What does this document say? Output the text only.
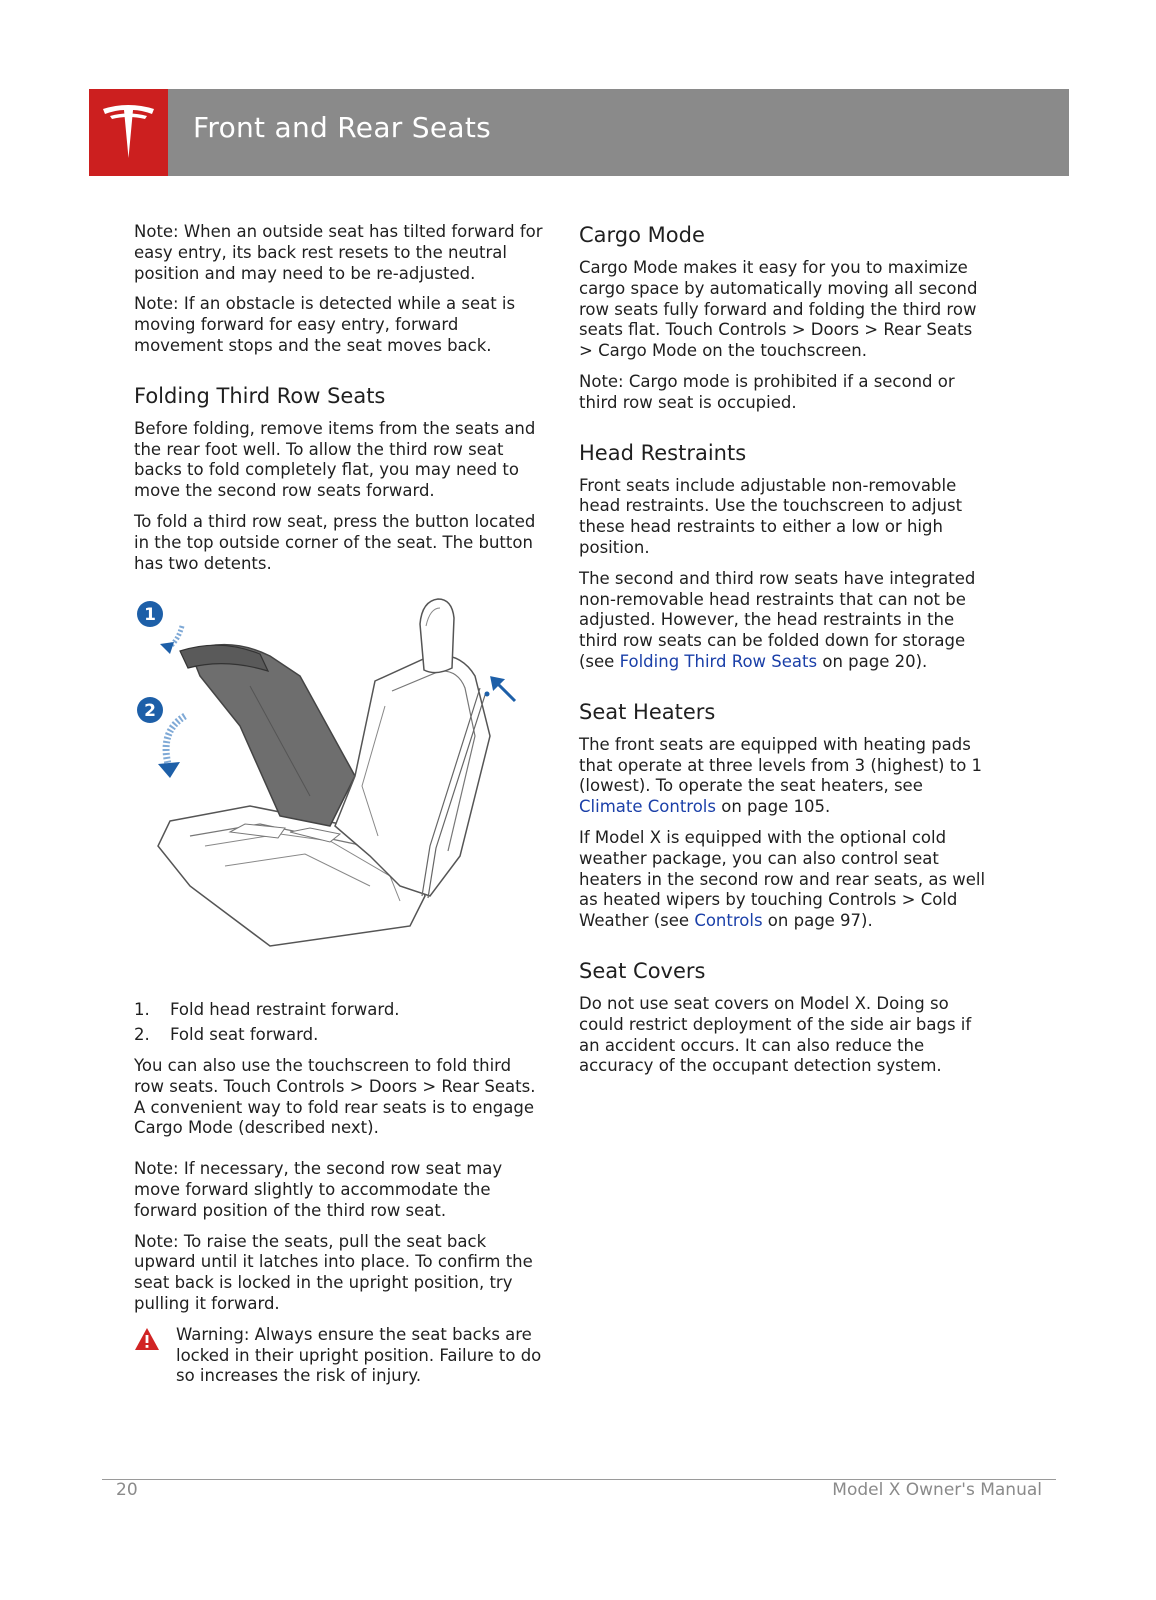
Front and Rear Seats

Note: When an outside seat has tilted forward for easy entry, its back rest resets to the neutral position and may need to be re-adjusted.

Note: If an obstacle is detected while a seat is moving forward for easy entry, forward movement stops and the seat moves back.

Folding Third Row Seats

Before folding, remove items from the seats and the rear foot well. To allow the third row seat backs to fold completely flat, you may need to move the second row seats forward.

To fold a third row seat, press the button located in the top outside corner of the seat. The button has two detents.

1
2
1.	Fold head restraint forward.
2.	Fold seat forward.

You can also use the touchscreen to fold third row seats. Touch Controls > Doors > Rear Seats. A convenient way to fold rear seats is to engage Cargo Mode (described next).

Note: If necessary, the second row seat may move forward slightly to accommodate the forward position of the third row seat.

Note: To raise the seats, pull the seat back upward until it latches into place. To confirm the seat back is locked in the upright position, try pulling it forward.

Warning: Always ensure the seat backs are locked in their upright position. Failure to do so increases the risk of injury.

Cargo Mode

Cargo Mode makes it easy for you to maximize cargo space by automatically moving all second row seats fully forward and folding the third row seats flat. Touch Controls > Doors > Rear Seats > Cargo Mode on the touchscreen.

Note: Cargo mode is prohibited if a second or third row seat is occupied.

Head Restraints

Front seats include adjustable non-removable head restraints. Use the touchscreen to adjust these head restraints to either a low or high position.

The second and third row seats have integrated non-removable head restraints that can not be adjusted. However, the head restraints in the third row seats can be folded down for storage (see Folding Third Row Seats on page 20).

Seat Heaters

The front seats are equipped with heating pads that operate at three levels from 3 (highest) to 1 (lowest). To operate the seat heaters, see Climate Controls on page 105.

If Model X is equipped with the optional cold weather package, you can also control seat heaters in the second row and rear seats, as well as heated wipers by touching Controls > Cold Weather (see Controls on page 97).

Seat Covers

Do not use seat covers on Model X. Doing so could restrict deployment of the side air bags if an accident occurs. It can also reduce the accuracy of the occupant detection system.

20	Model X Owner's Manual
